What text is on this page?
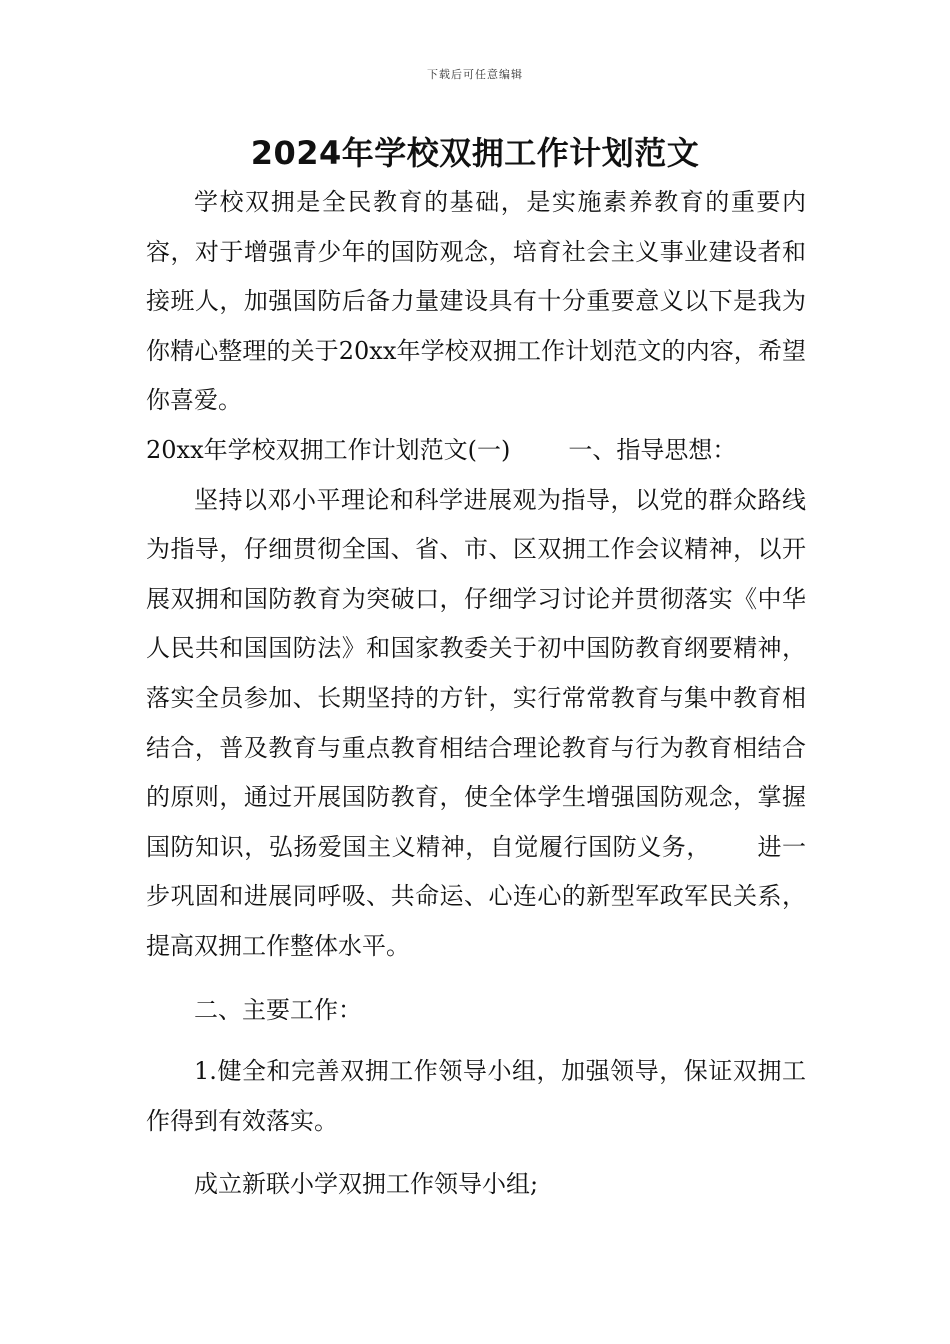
下载后可任意编辑
2024年学校双拥工作计划范文

学校双拥是全民教育的基础，是实施素养教育的重要内容，对于增强青少年的国防观念，培育社会主义事业建设者和接班人，加强国防后备力量建设具有十分重要意义以下是我为你精心整理的关于20xx年学校双拥工作计划范文的内容，希望你喜爱。

20xx年学校双拥工作计划范文(一) 一、指导思想：

坚持以邓小平理论和科学进展观为指导，以党的群众路线为指导，仔细贯彻全国、省、市、区双拥工作会议精神，以开展双拥和国防教育为突破口，仔细学习讨论并贯彻落实《中华人民共和国国防法》和国家教委关于初中国防教育纲要精神，落实全员参加、长期坚持的方针，实行常常教育与集中教育相结合，普及教育与重点教育相结合理论教育与行为教育相结合的原则，通过开展国防教育，使全体学生增强国防观念，掌握国防知识，弘扬爱国主义精神，自觉履行国防义务， 进一步巩固和进展同呼吸、共命运、心连心的新型军政军民关系，提高双拥工作整体水平。

二、主要工作：

1.健全和完善双拥工作领导小组，加强领导，保证双拥工作得到有效落实。

成立新联小学双拥工作领导小组;
